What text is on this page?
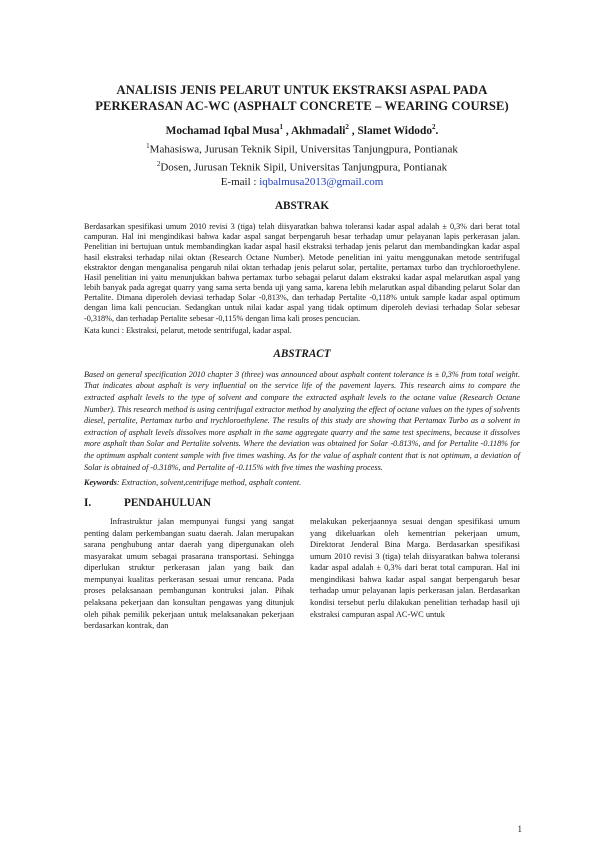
ANALISIS JENIS PELARUT UNTUK EKSTRAKSI ASPAL PADA PERKERASAN AC-WC (ASPHALT CONCRETE – WEARING COURSE)
Mochamad Iqbal Musa$^1$ , Akhmadali$^2$ , Slamet Widodo$^2$.
$^1$Mahasiswa, Jurusan Teknik Sipil, Universitas Tanjungpura, Pontianak
$^2$Dosen, Jurusan Teknik Sipil, Universitas Tanjungpura, Pontianak
E-mail : iqbalmusa2013@gmail.com
ABSTRAK
Berdasarkan spesifikasi umum 2010 revisi 3 (tiga) telah diisyaratkan bahwa toleransi kadar aspal adalah ± 0,3% dari berat total campuran. Hal ini mengindikasi bahwa kadar aspal sangat berpengaruh besar terhadap umur pelayanan lapis perkerasan jalan. Penelitian ini bertujuan untuk membandingkan kadar aspal hasil ekstraksi terhadap jenis pelarut dan membandingkan kadar aspal hasil ekstraksi terhadap nilai oktan (Research Octane Number). Metode penelitian ini yaitu menggunakan metode sentrifugal ekstraktor dengan menganalisa pengaruh nilai oktan terhadap jenis pelarut solar, pertalite, pertamax turbo dan trychloroethylene. Hasil penelitian ini yaitu menunjukkan bahwa pertamax turbo sebagai pelarut dalam ekstraksi kadar aspal melarutkan aspal yang lebih banyak pada agregat quarry yang sama serta benda uji yang sama, karena lebih melarutkan aspal dibanding pelarut Solar dan Pertalite. Dimana diperoleh deviasi terhadap Solar -0,813%, dan terhadap Pertalite -0,118% untuk sample kadar aspal optimum dengan lima kali pencucian. Sedangkan untuk nilai kadar aspal yang tidak optimum diperoleh deviasi terhadap Solar sebesar -0,318%, dan terhadap Pertalite sebesar -0,115% dengan lima kali proses pencucian.
Kata kunci : Ekstraksi, pelarut, metode sentrifugal, kadar aspal.
ABSTRACT
Based on general specification 2010 chapter 3 (three) was announced about asphalt content tolerance is ± 0,3% from total weight. That indicates about asphalt is very influential on the service life of the pavement layers. This research aims to compare the extracted asphalt levels to the type of solvent and compare the extracted asphalt levels to the octane value (Research Octane Number). This research method is using centrifugal extractor method by analyzing the effect of octane values on the types of solvents diesel, pertalite, Pertamax turbo and trychloroethylene. The results of this study are showing that Pertamax Turbo as a solvent in extraction of asphalt levels dissolves more asphalt in the same aggregate quarry and the same test specimens, because it dissolves more asphalt than Solar and Pertalite solvents. Where the deviation was obtained for Solar -0.813%, and for Pertalite -0.118% for the optimum asphalt content sample with five times washing. As for the value of asphalt content that is not optimum, a deviation of Solar is obtained of -0.318%, and Pertalite of -0.115% with five times the washing process.
Keywords: Extraction, solvent,centrifuge method, asphalt content.
I.	PENDAHULUAN

Infrastruktur jalan mempunyai fungsi yang sangat penting dalam perkembangan suatu daerah. Jalan merupakan sarana penghubung antar daerah yang dipergunakan oleh masyarakat umum sebagai prasarana transportasi. Sehingga diperlukan struktur perkerasan jalan yang baik dan mempunyai kualitas perkerasan sesuai umur rencana. Pada proses pelaksanaan pembangunan kontruksi jalan. Pihak pelaksana pekerjaan dan konsultan pengawas yang ditunjuk oleh pihak pemilik pekerjaan untuk melaksanakan pekerjaan berdasarkan kontrak, dan

melakukan pekerjaannya sesuai dengan spesifikasi umum yang dikeluarkan oleh kementrian pekerjaan umum, Direktorat Jenderal Bina Marga. Berdasarkan spesifikasi umum 2010 revisi 3 (tiga) telah diisyaratkan bahwa toleransi kadar aspal adalah ± 0,3% dari berat total campuran. Hal ini mengindikasi bahwa kadar aspal sangat berpengaruh besar terhadap umur pelayanan lapis perkerasan jalan. Berdasarkan kondisi tersebut perlu dilakukan penelitian terhadap hasil uji ekstraksi campuran aspal AC-WC untuk

1
